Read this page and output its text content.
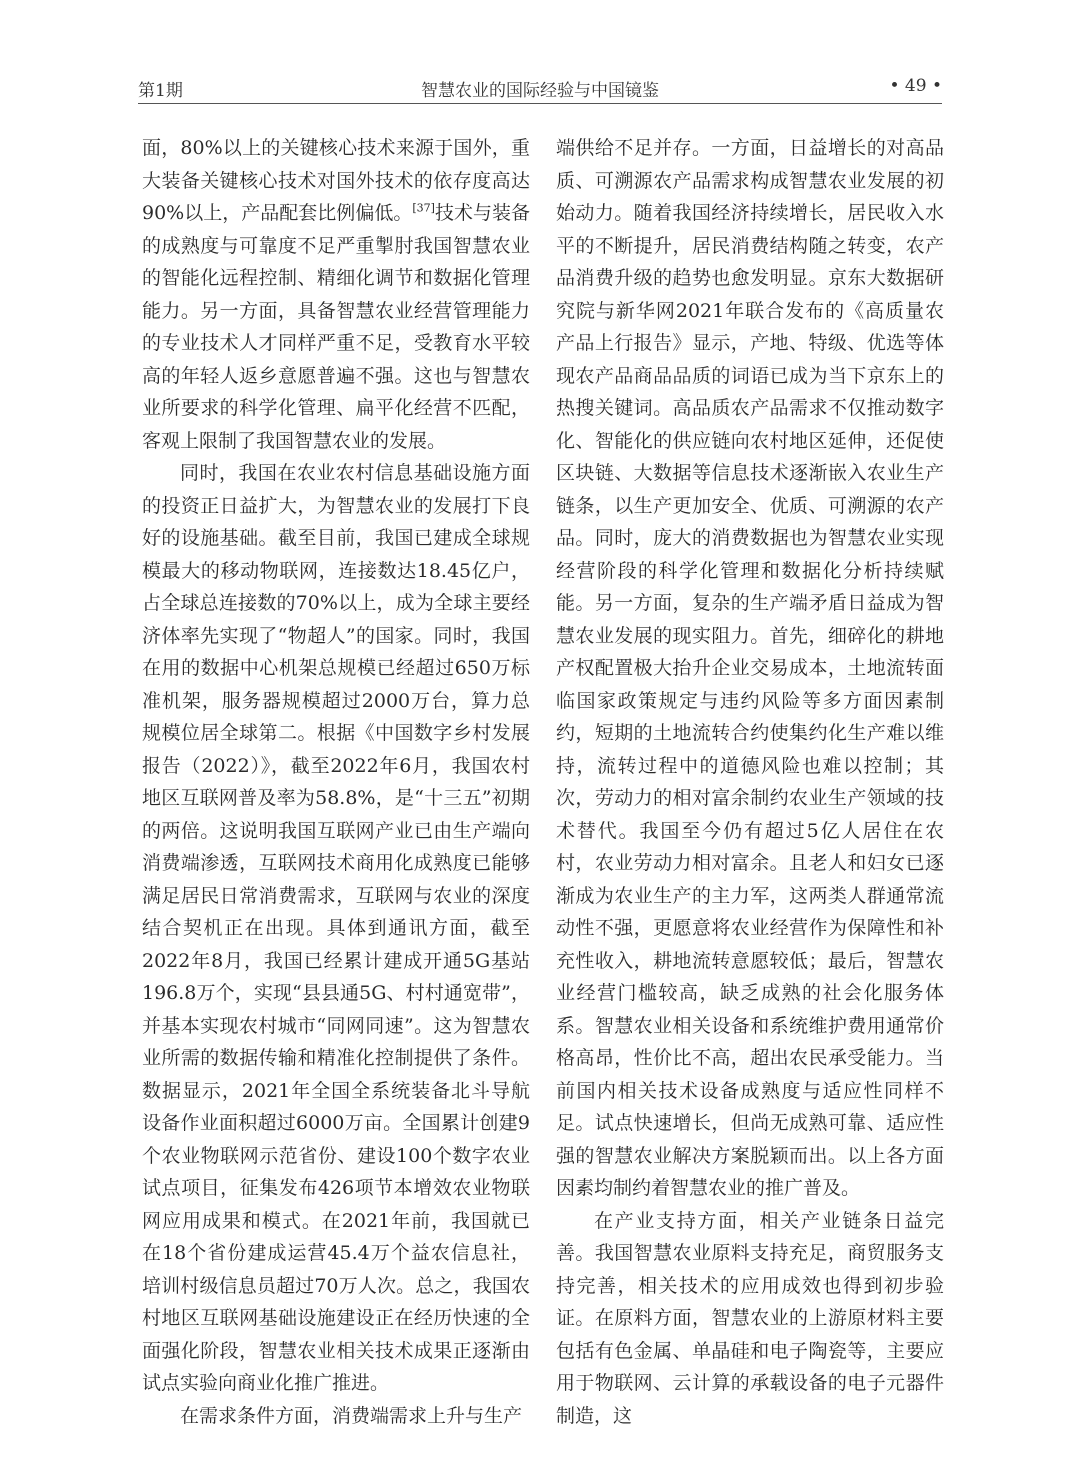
第1期	智慧农业的国际经验与中国镜鉴	• 49 •

面，80%以上的关键核心技术来源于国外，重大装备关键核心技术对国外技术的依存度高达90%以上，产品配套比例偏低。[37]技术与装备的成熟度与可靠度不足严重掣肘我国智慧农业的智能化远程控制、精细化调节和数据化管理能力。另一方面，具备智慧农业经营管理能力的专业技术人才同样严重不足，受教育水平较高的年轻人返乡意愿普遍不强。这也与智慧农业所要求的科学化管理、扁平化经营不匹配，客观上限制了我国智慧农业的发展。

同时，我国在农业农村信息基础设施方面的投资正日益扩大，为智慧农业的发展打下良好的设施基础。截至目前，我国已建成全球规模最大的移动物联网，连接数达18.45亿户，占全球总连接数的70%以上，成为全球主要经济体率先实现了“物超人”的国家。同时，我国在用的数据中心机架总规模已经超过650万标准机架，服务器规模超过2000万台，算力总规模位居全球第二。根据《中国数字乡村发展报告（2022）》，截至2022年6月，我国农村地区互联网普及率为58.8%，是“十三五”初期的两倍。这说明我国互联网产业已由生产端向消费端渗透，互联网技术商用化成熟度已能够满足居民日常消费需求，互联网与农业的深度结合契机正在出现。具体到通讯方面，截至2022年8月，我国已经累计建成开通5G基站196.8万个，实现“县县通5G、村村通宽带”，并基本实现农村城市“同网同速”。这为智慧农业所需的数据传输和精准化控制提供了条件。数据显示，2021年全国全系统装备北斗导航设备作业面积超过6000万亩。全国累计创建9个农业物联网示范省份、建设100个数字农业试点项目，征集发布426项节本增效农业物联网应用成果和模式。在2021年前，我国就已在18个省份建成运营45.4万个益农信息社，培训村级信息员超过70万人次。总之，我国农村地区互联网基础设施建设正在经历快速的全面强化阶段，智慧农业相关技术成果正逐渐由试点实验向商业化推广推进。

在需求条件方面，消费端需求上升与生产

端供给不足并存。一方面，日益增长的对高品质、可溯源农产品需求构成智慧农业发展的初始动力。随着我国经济持续增长，居民收入水平的不断提升，居民消费结构随之转变，农产品消费升级的趋势也愈发明显。京东大数据研究院与新华网2021年联合发布的《高质量农产品上行报告》显示，产地、特级、优选等体现农产品商品品质的词语已成为当下京东上的热搜关键词。高品质农产品需求不仅推动数字化、智能化的供应链向农村地区延伸，还促使区块链、大数据等信息技术逐渐嵌入农业生产链条，以生产更加安全、优质、可溯源的农产品。同时，庞大的消费数据也为智慧农业实现经营阶段的科学化管理和数据化分析持续赋能。另一方面，复杂的生产端矛盾日益成为智慧农业发展的现实阻力。首先，细碎化的耕地产权配置极大抬升企业交易成本，土地流转面临国家政策规定与违约风险等多方面因素制约，短期的土地流转合约使集约化生产难以维持，流转过程中的道德风险也难以控制；其次，劳动力的相对富余制约农业生产领域的技术替代。我国至今仍有超过5亿人居住在农村，农业劳动力相对富余。且老人和妇女已逐渐成为农业生产的主力军，这两类人群通常流动性不强，更愿意将农业经营作为保障性和补充性收入，耕地流转意愿较低；最后，智慧农业经营门槛较高，缺乏成熟的社会化服务体系。智慧农业相关设备和系统维护费用通常价格高昂，性价比不高，超出农民承受能力。当前国内相关技术设备成熟度与适应性同样不足。试点快速增长，但尚无成熟可靠、适应性强的智慧农业解决方案脱颖而出。以上各方面因素均制约着智慧农业的推广普及。

在产业支持方面，相关产业链条日益完善。我国智慧农业原料支持充足，商贸服务支持完善，相关技术的应用成效也得到初步验证。在原料方面，智慧农业的上游原材料主要包括有色金属、单晶硅和电子陶瓷等，主要应用于物联网、云计算的承载设备的电子元器件制造，这
